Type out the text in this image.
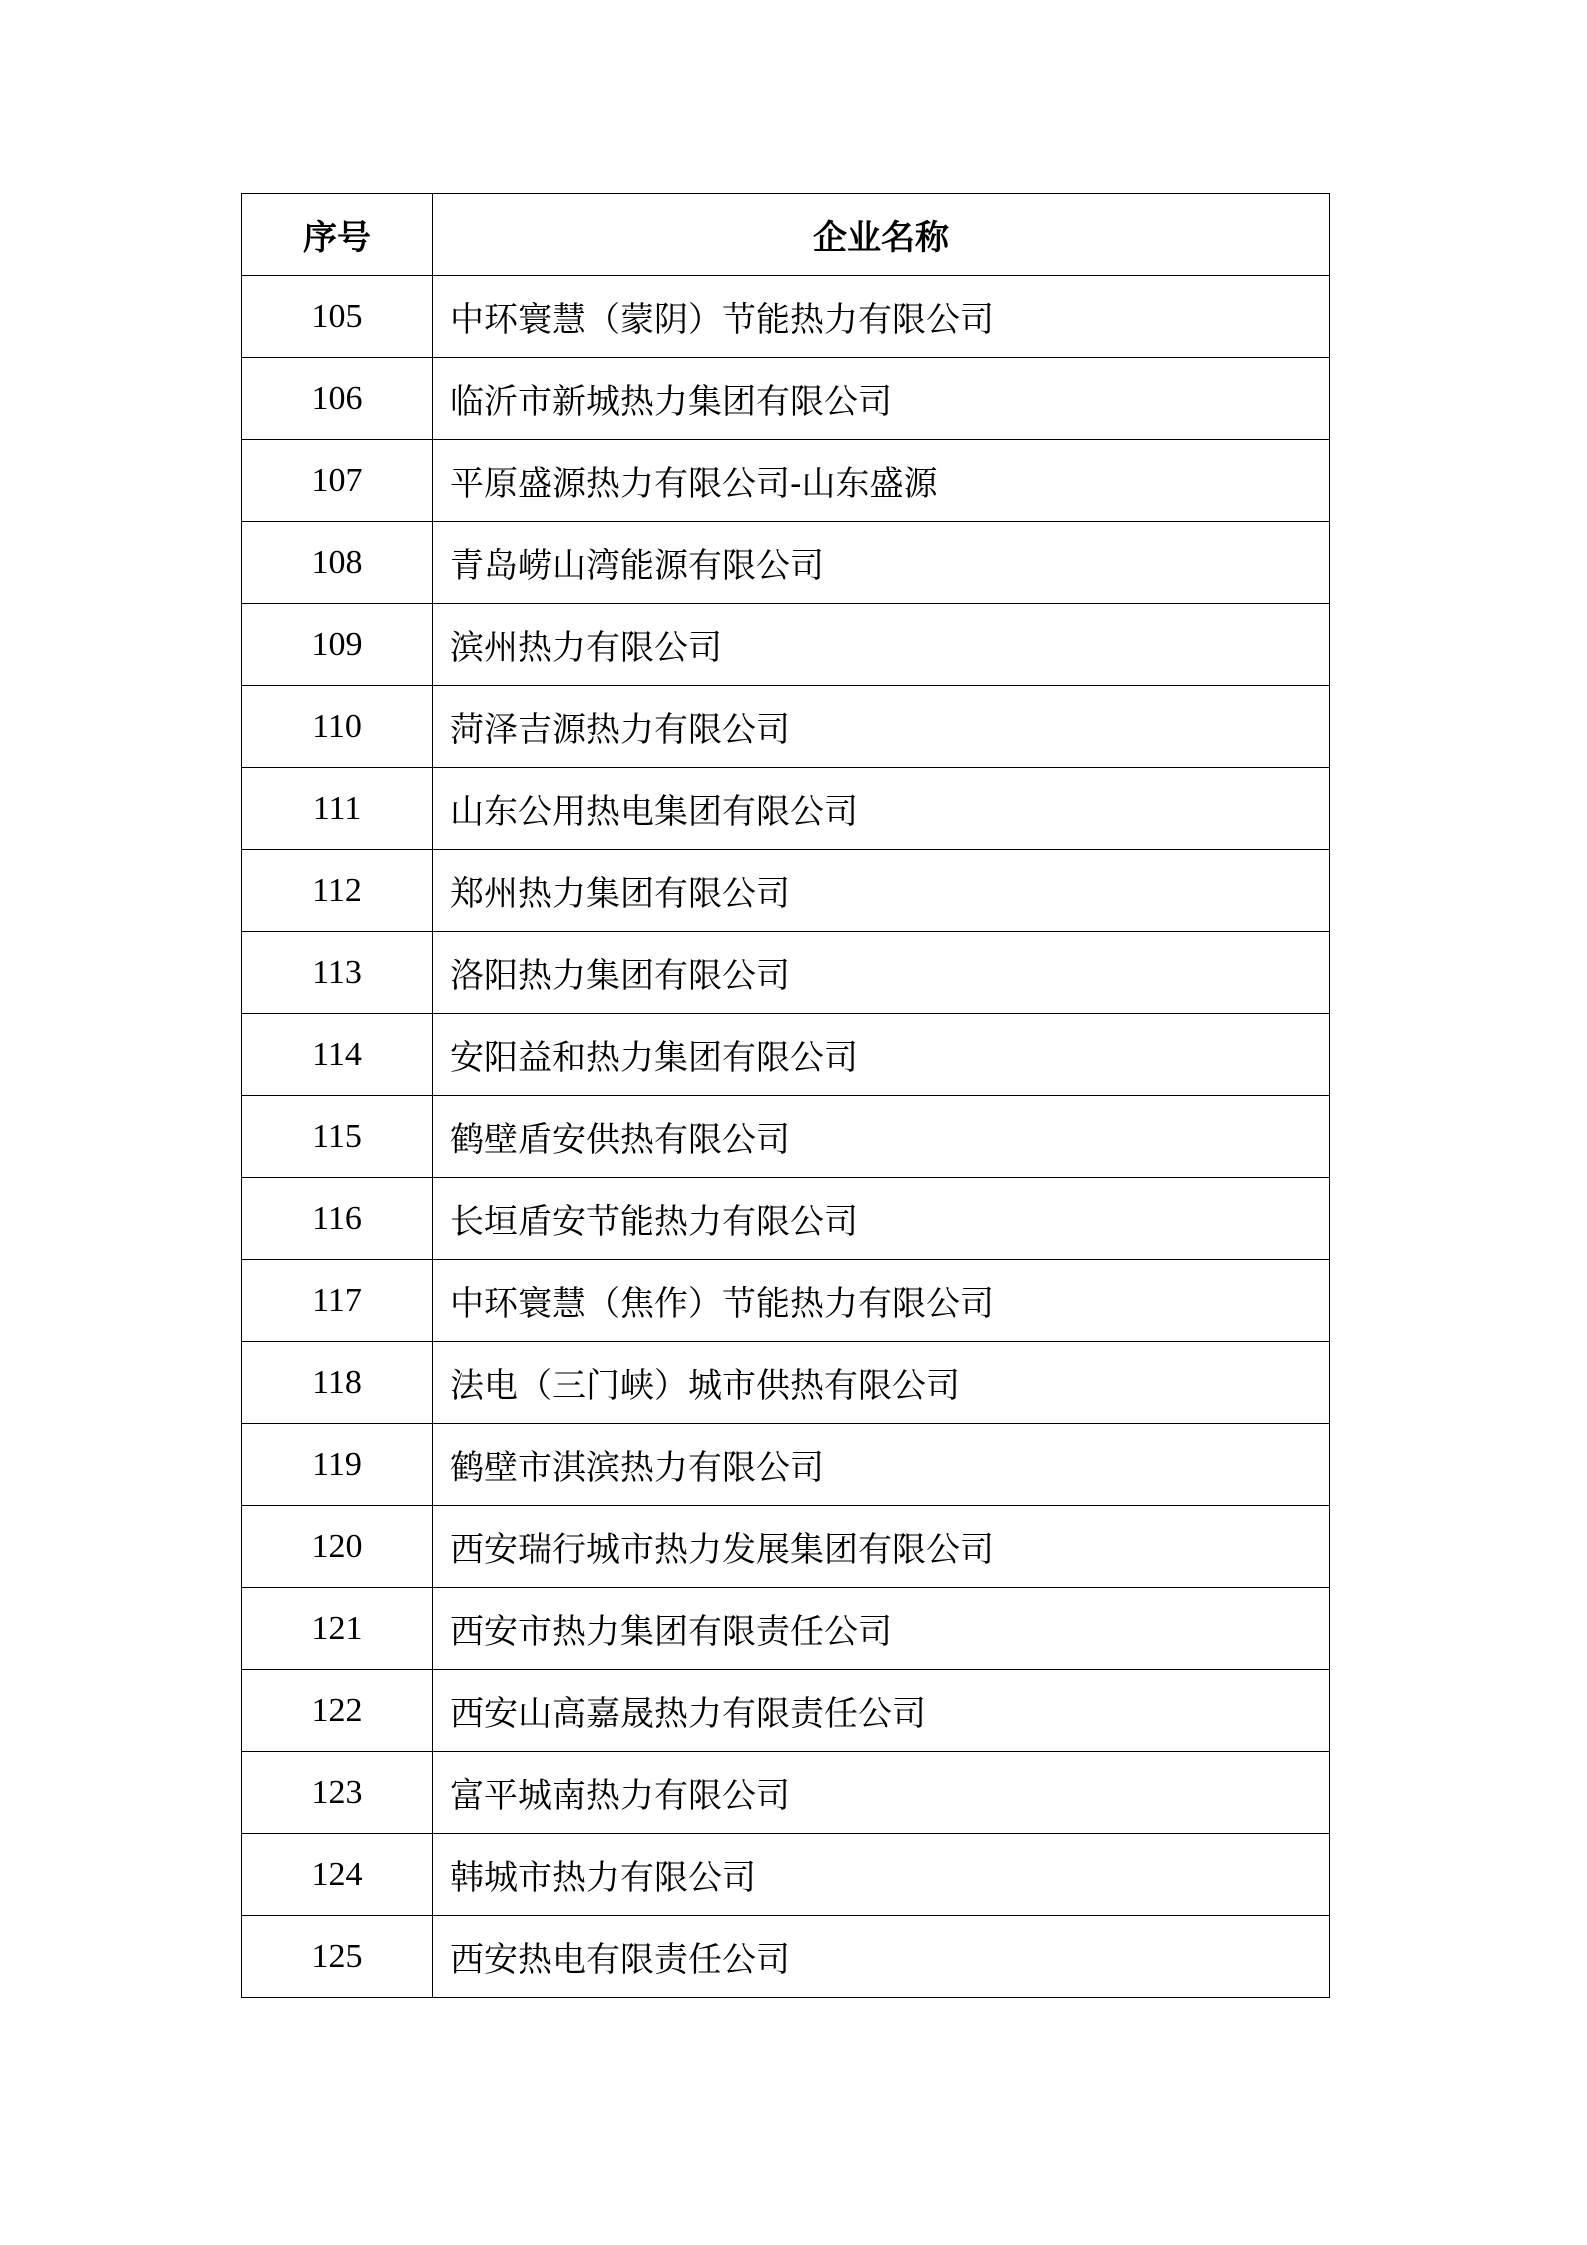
序号	企业名称
105	中环寰慧（蒙阴）节能热力有限公司
106	临沂市新城热力集团有限公司
107	平原盛源热力有限公司-山东盛源
108	青岛崂山湾能源有限公司
109	滨州热力有限公司
110	菏泽吉源热力有限公司
111	山东公用热电集团有限公司
112	郑州热力集团有限公司
113	洛阳热力集团有限公司
114	安阳益和热力集团有限公司
115	鹤壁盾安供热有限公司
116	长垣盾安节能热力有限公司
117	中环寰慧（焦作）节能热力有限公司
118	法电（三门峡）城市供热有限公司
119	鹤壁市淇滨热力有限公司
120	西安瑞行城市热力发展集团有限公司
121	西安市热力集团有限责任公司
122	西安山高嘉晟热力有限责任公司
123	富平城南热力有限公司
124	韩城市热力有限公司
125	西安热电有限责任公司
